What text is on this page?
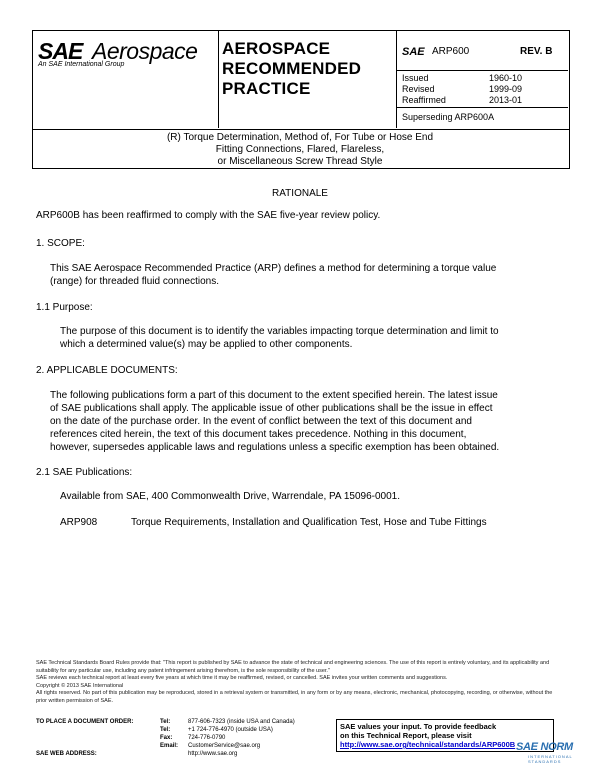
SAE Aerospace
An SAE International Group
AEROSPACE
RECOMMENDED
PRACTICE
SAE ARP600	REV. B
Issued	1960-10
Revised	1999-09
Reaffirmed	2013-01
Superseding ARP600A
(R) Torque Determination, Method of, For Tube or Hose End
Fitting Connections, Flared, Flareless,
or Miscellaneous Screw Thread Style
RATIONALE
ARP600B has been reaffirmed to comply with the SAE five-year review policy.
1. SCOPE:
This SAE Aerospace Recommended Practice (ARP) defines a method for determining a torque value
(range) for threaded fluid connections.
1.1 Purpose:
The purpose of this document is to identify the variables impacting torque determination and limit to
which a determined value(s) may be applied to other components.
2. APPLICABLE DOCUMENTS:
The following publications form a part of this document to the extent specified herein. The latest issue
of SAE publications shall apply. The applicable issue of other publications shall be the issue in effect
on the date of the purchase order. In the event of conflict between the text of this document and
references cited herein, the text of this document takes precedence. Nothing in this document,
however, supersedes applicable laws and regulations unless a specific exemption has been obtained.
2.1 SAE Publications:
Available from SAE, 400 Commonwealth Drive, Warrendale, PA 15096-0001.
ARP908	Torque Requirements, Installation and Qualification Test, Hose and Tube Fittings
SAE Technical Standards Board Rules provide that: "This report is published by SAE to advance the state of technical and engineering sciences. The use of this report is entirely voluntary, and its applicability and suitability for any particular use, including any patent infringement arising therefrom, is the sole responsibility of the user."
SAE reviews each technical report at least every five years at which time it may be reaffirmed, revised, or cancelled. SAE invites your written comments and suggestions.
Copyright © 2013 SAE International
All rights reserved. No part of this publication may be reproduced, stored in a retrieval system or transmitted, in any form or by any means, electronic, mechanical, photocopying, recording, or otherwise, without the prior written permission of SAE.
TO PLACE A DOCUMENT ORDER:
SAE WEB ADDRESS:
Tel:	877-606-7323 (inside USA and Canada)
Tel:	+1 724-776-4970 (outside USA)
Fax:	724-776-0790
Email:	CustomerService@sae.org
http://www.sae.org
SAE values your input. To provide feedback
on this Technical Report, please visit
http://www.sae.org/technical/standards/ARP600B SAE NORM
INTERNATIONAL STANDARDS
